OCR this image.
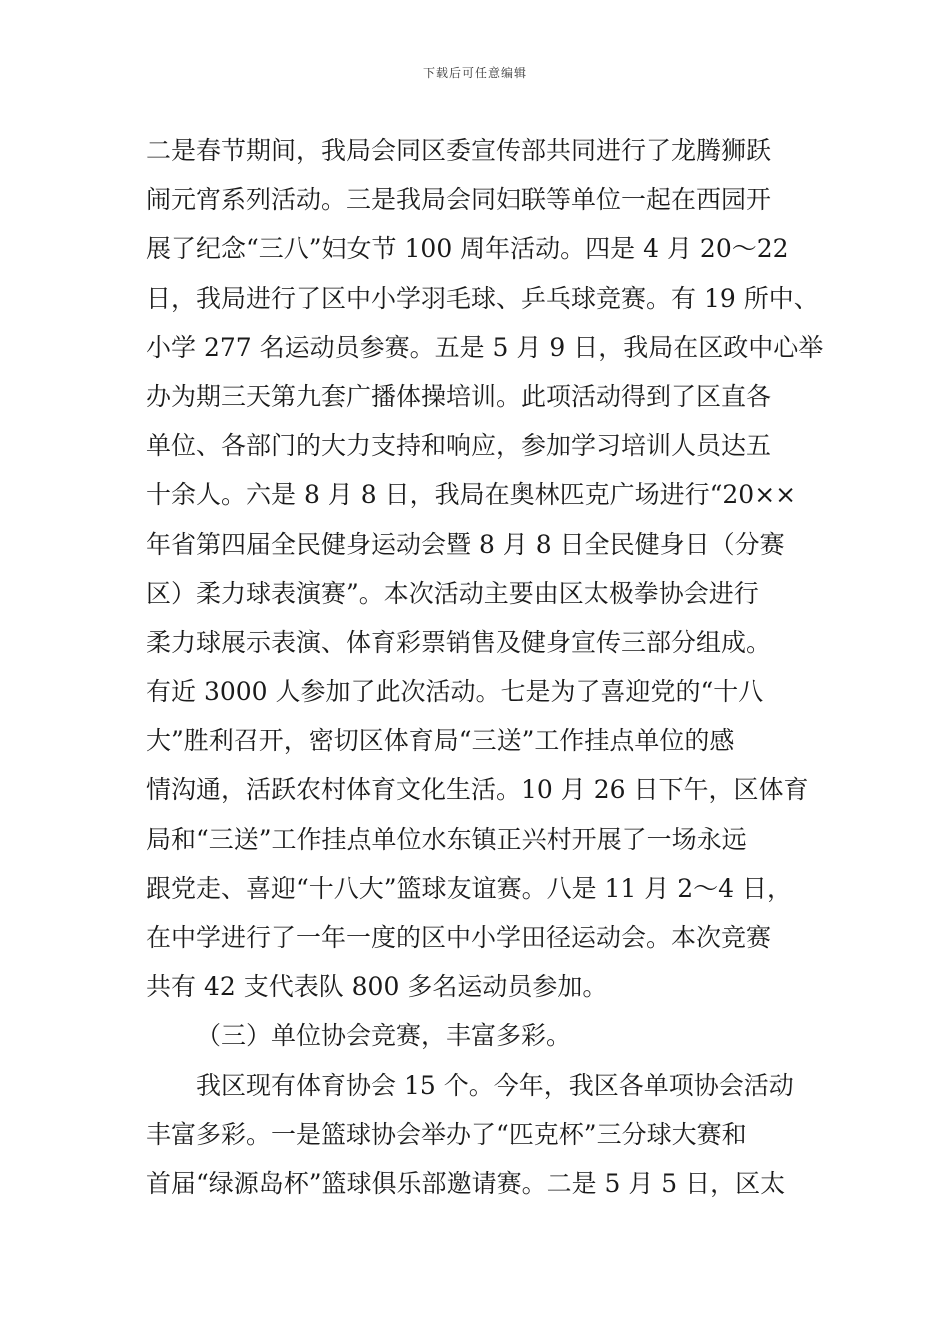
下载后可任意编辑
二是春节期间，我局会同区委宣传部共同进行了龙腾狮跃
闹元宵系列活动。三是我局会同妇联等单位一起在西园开
展了纪念“三八”妇女节 100 周年活动。四是 4 月 20～22
日，我局进行了区中小学羽毛球、乒乓球竞赛。有 19 所中、
小学 277 名运动员参赛。五是 5 月 9 日，我局在区政中心举
办为期三天第九套广播体操培训。此项活动得到了区直各
单位、各部门的大力支持和响应，参加学习培训人员达五
十余人。六是 8 月 8 日，我局在奥林匹克广场进行“20××
年省第四届全民健身运动会暨 8 月 8 日全民健身日（分赛
区）柔力球表演赛”。本次活动主要由区太极拳协会进行
柔力球展示表演、体育彩票销售及健身宣传三部分组成。
有近 3000 人参加了此次活动。七是为了喜迎党的“十八
大”胜利召开，密切区体育局“三送”工作挂点单位的感
情沟通，活跃农村体育文化生活。10 月 26 日下午，区体育
局和“三送”工作挂点单位水东镇正兴村开展了一场永远
跟党走、喜迎“十八大”篮球友谊赛。八是 11 月 2～4 日，
在中学进行了一年一度的区中小学田径运动会。本次竞赛
共有 42 支代表队 800 多名运动员参加。
（三）单位协会竞赛，丰富多彩。
我区现有体育协会 15 个。今年，我区各单项协会活动
丰富多彩。一是篮球协会举办了“匹克杯”三分球大赛和
首届“绿源岛杯”篮球俱乐部邀请赛。二是 5 月 5 日，区太
